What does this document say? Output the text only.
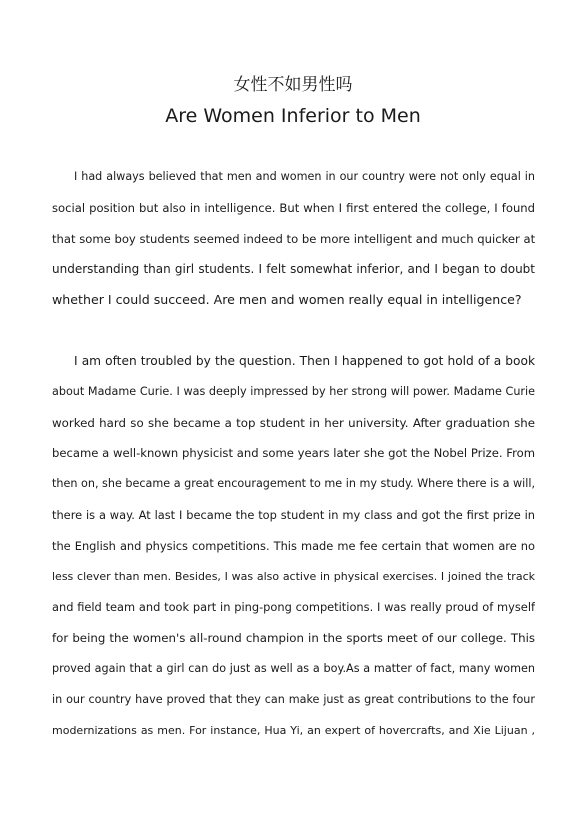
女性不如男性吗
Are Women Inferior to Men
I had always believed that men and women in our country were not only equal in
social position but also in intelligence. But when I first entered the college, I found
that some boy students seemed indeed to be more intelligent and much quicker at
understanding than girl students. I felt somewhat inferior, and I began to doubt
whether I could succeed. Are men and women really equal in intelligence?
I am often troubled by the question. Then I happened to got hold of a book
about Madame Curie. I was deeply impressed by her strong will power. Madame Curie
worked hard so she became a top student in her university. After graduation she
became a well-known physicist and some years later she got the Nobel Prize. From
then on, she became a great encouragement to me in my study. Where there is a will,
there is a way. At last I became the top student in my class and got the first prize in
the English and physics competitions. This made me fee certain that women are no
less clever than men. Besides, I was also active in physical exercises. I joined the track
and field team and took part in ping-pong competitions. I was really proud of myself
for being the women's all-round champion in the sports meet of our college. This
proved again that a girl can do just as well as a boy.As a matter of fact, many women
in our country have proved that they can make just as great contributions to the four
modernizations as men. For instance, Hua Yi, an expert of hovercrafts, and Xie Lijuan ,
